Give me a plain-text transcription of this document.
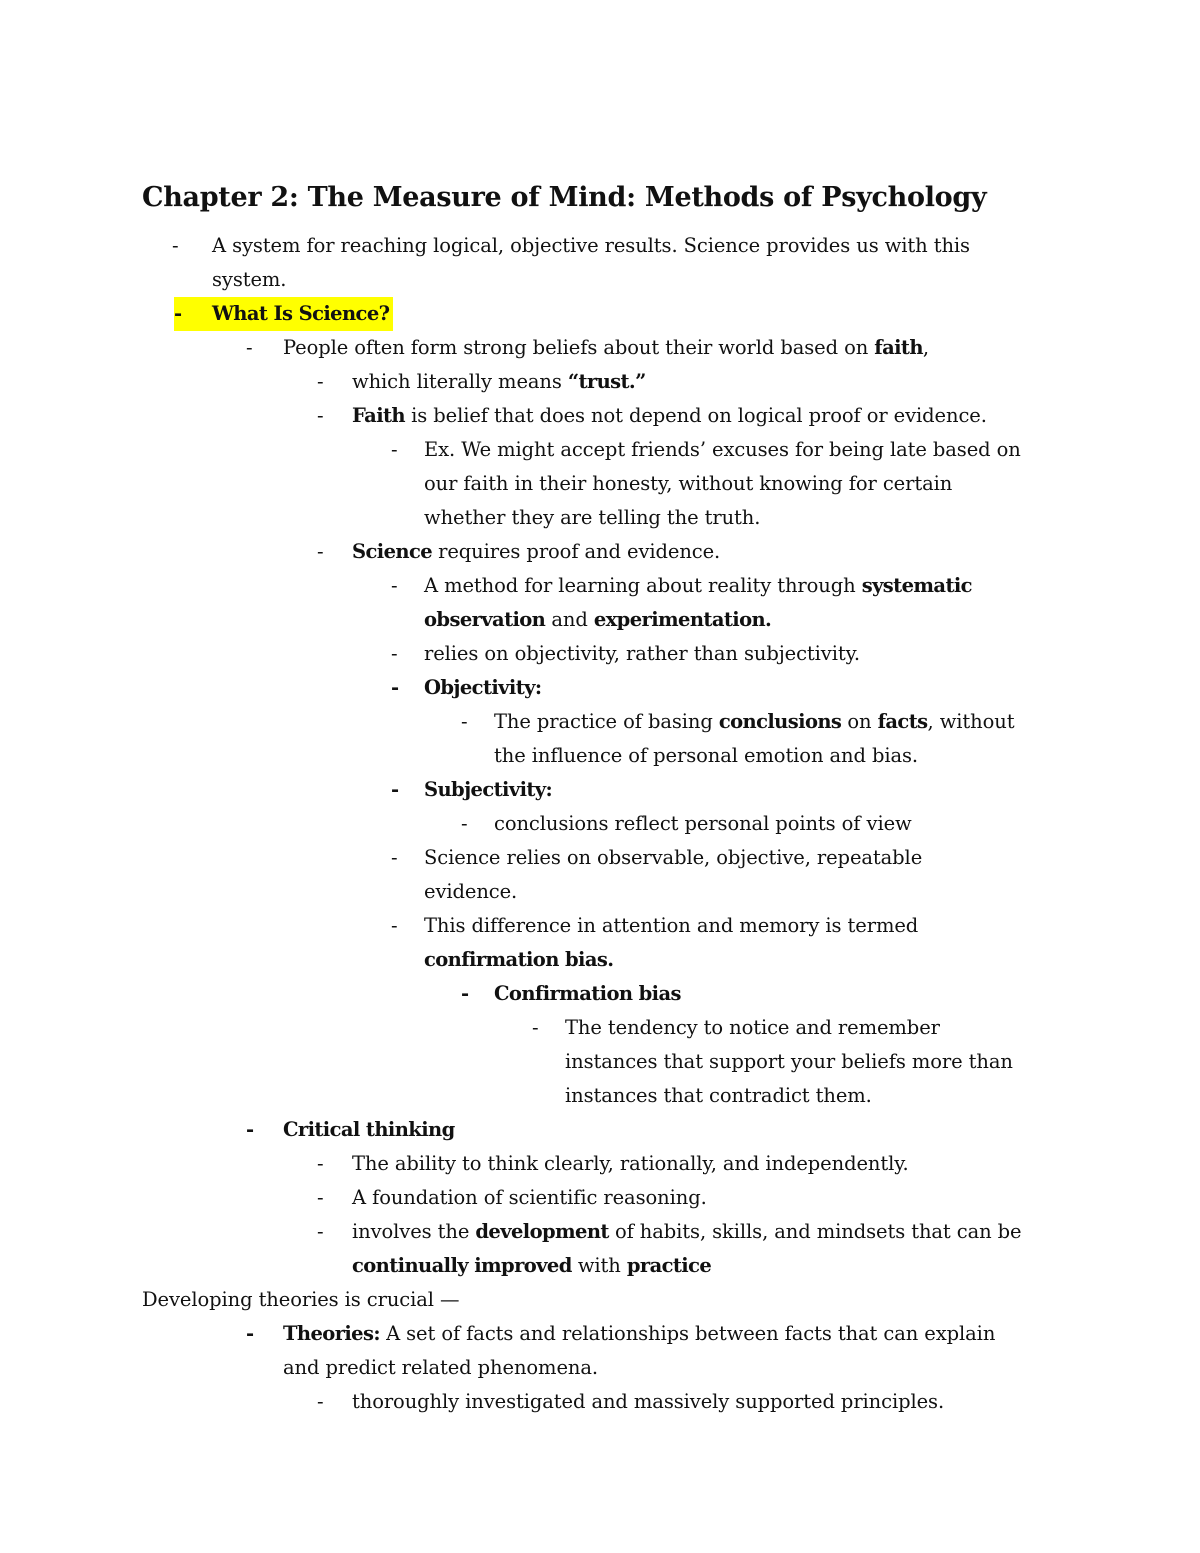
Chapter 2: The Measure of Mind: Methods of Psychology
- A system for reaching logical, objective results. Science provides us with this
system.
- What Is Science?
- People often form strong beliefs about their world based on faith,
- which literally means “trust.”
- Faith is belief that does not depend on logical proof or evidence.
- Ex. We might accept friends’ excuses for being late based on
our faith in their honesty, without knowing for certain
whether they are telling the truth.
- Science requires proof and evidence.
- A method for learning about reality through systematic
observation and experimentation.
- relies on objectivity, rather than subjectivity.
- Objectivity:
- The practice of basing conclusions on facts, without
the influence of personal emotion and bias.
- Subjectivity:
- conclusions reflect personal points of view
- Science relies on observable, objective, repeatable
evidence.
- This difference in attention and memory is termed
confirmation bias.
- Confirmation bias
- The tendency to notice and remember
instances that support your beliefs more than
instances that contradict them.
- Critical thinking
- The ability to think clearly, rationally, and independently.
- A foundation of scientific reasoning.
- involves the development of habits, skills, and mindsets that can be
continually improved with practice
Developing theories is crucial —
- Theories: A set of facts and relationships between facts that can explain
and predict related phenomena.
- thoroughly investigated and massively supported principles.
